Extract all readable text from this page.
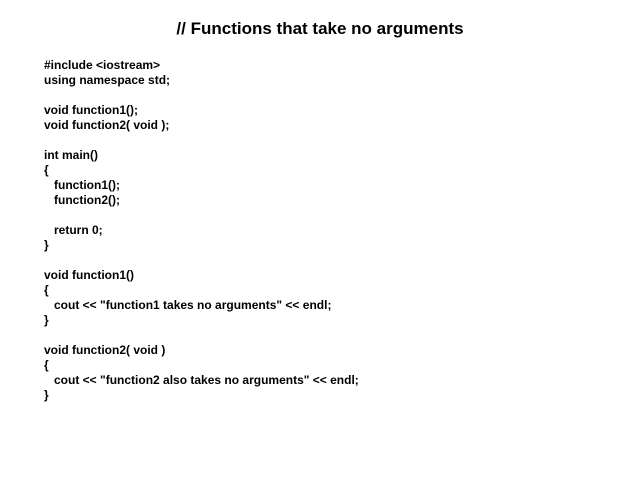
// Functions that take no arguments
#include <iostream>
using namespace std;
void function1();
void function2( void );
int main()
{
function1();
function2();
return 0;
}
void function1()
{
cout << "function1 takes no arguments" << endl;
}
void function2( void )
{
cout << "function2 also takes no arguments" << endl;
}
